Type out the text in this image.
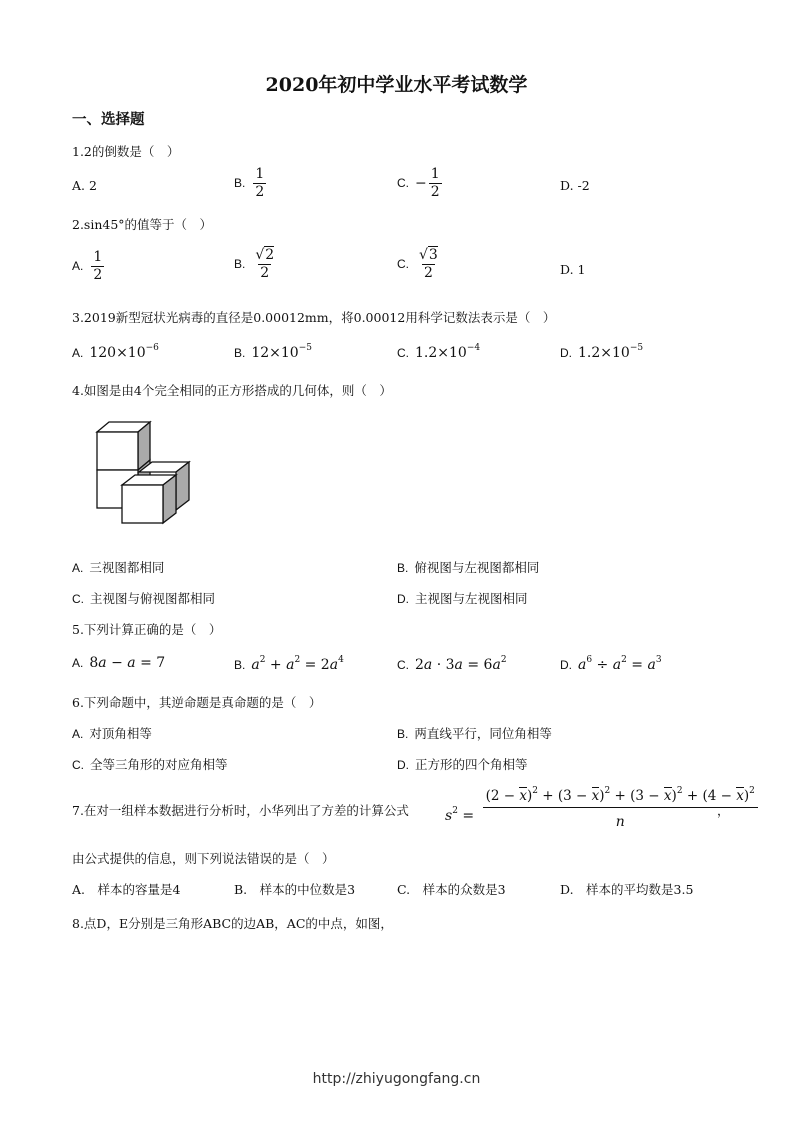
2020年初中学业水平考试数学
一、选择题
1.2的倒数是（　）
A. 2	B. $\frac{1}{2}$	C. − $\frac{1}{2}$	D. -2
2.sin45°的值等于（　）
A. $\frac{1}{2}$	B. $\frac{√2}{2}$	C. $\frac{√3}{2}$	D. 1
3.2019新型冠状光病毒的直径是0.00012mm，将0.00012用科学记数法表示是（　）
A. $120\times 10^{-6}$	B. $12\times 10^{-5}$	C. $1.2\times 10^{-4}$	D. $1.2\times 10^{-5}$
4.如图是由4个完全相同的正方形搭成的几何体，则（　）
A. 三视图都相同	B. 俯视图与左视图都相同
C. 主视图与俯视图都相同	D. 主视图与左视图相同
5.下列计算正确的是（　）
A. 8a − a = 7	B. $a^2 + a^2 = 2a^4$	C. $2a \cdot 3a = 6a^2$	D. $a^6 \div a^2 = a^3$
6.下列命题中，其逆命题是真命题的是（　）
A. 对顶角相等	B. 两直线平行，同位角相等
C. 全等三角形的对应角相等	D. 正方形的四个角相等
7.在对一组样本数据进行分析时，小华列出了方差的计算公式	$s^2 = \frac{(2 - x)^2 + (3 - x)^2 + (3 - x)^2 + (4 - x)^2}{n}$
，
由公式提供的信息，则下列说法错误的是（　）
A.　样本的容量是4	B.　样本的中位数是3	C.　样本的众数是3	D.　样本的平均数是3.5
8.点D，E分别是三角形ABC的边AB，AC的中点，如图，
http://zhiyugongfang.cn
